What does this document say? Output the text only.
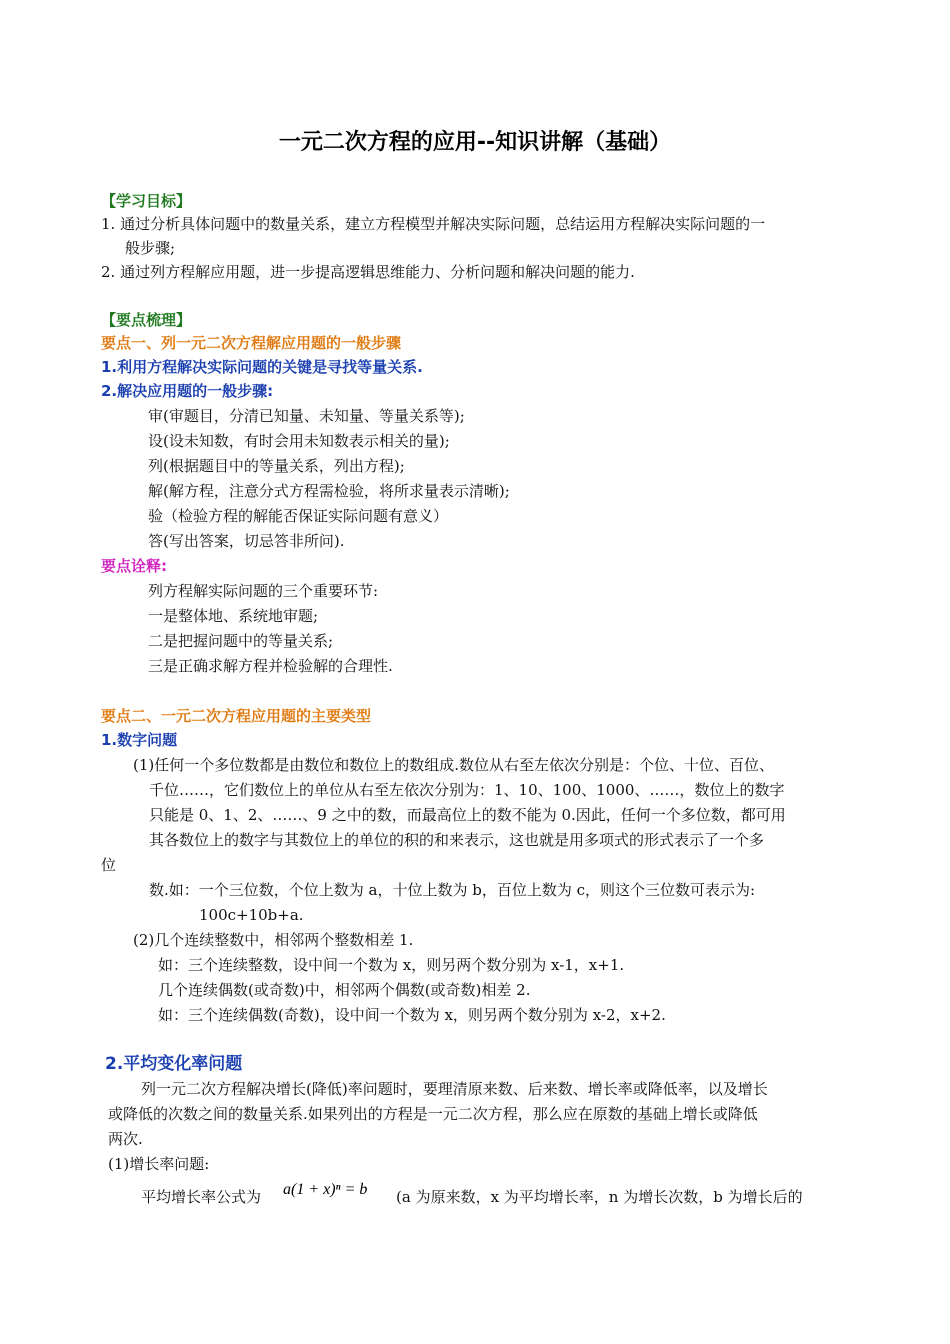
一元二次方程的应用--知识讲解（基础）
【学习目标】
1. 通过分析具体问题中的数量关系，建立方程模型并解决实际问题，总结运用方程解决实际问题的一
般步骤;
2. 通过列方程解应用题，进一步提高逻辑思维能力、分析问题和解决问题的能力.
【要点梳理】
要点一、列一元二次方程解应用题的一般步骤
1.利用方程解决实际问题的关键是寻找等量关系.
2.解决应用题的一般步骤:
审(审题目，分清已知量、未知量、等量关系等);
设(设未知数，有时会用未知数表示相关的量);
列(根据题目中的等量关系，列出方程);
解(解方程，注意分式方程需检验，将所求量表示清晰);
验（检验方程的解能否保证实际问题有意义）
答(写出答案，切忌答非所问).
要点诠释:
列方程解实际问题的三个重要环节:
一是整体地、系统地审题;
二是把握问题中的等量关系;
三是正确求解方程并检验解的合理性.
要点二、一元二次方程应用题的主要类型
1.数字问题
(1)任何一个多位数都是由数位和数位上的数组成.数位从右至左依次分别是：个位、十位、百位、
千位……，它们数位上的单位从右至左依次分别为：1、10、100、1000、……，数位上的数字
只能是 0、1、2、……、9 之中的数，而最高位上的数不能为 0.因此，任何一个多位数，都可用
其各数位上的数字与其数位上的单位的积的和来表示，这也就是用多项式的形式表示了一个多
位
数.如：一个三位数，个位上数为 a，十位上数为 b，百位上数为 c，则这个三位数可表示为:
100c+10b+a.
(2)几个连续整数中，相邻两个整数相差 1.
如：三个连续整数，设中间一个数为 x，则另两个数分别为 x-1，x+1.
几个连续偶数(或奇数)中，相邻两个偶数(或奇数)相差 2.
如：三个连续偶数(奇数)，设中间一个数为 x，则另两个数分别为 x-2，x+2.
2.平均变化率问题
列一元二次方程解决增长(降低)率问题时，要理清原来数、后来数、增长率或降低率，以及增长
或降低的次数之间的数量关系.如果列出的方程是一元二次方程，那么应在原数的基础上增长或降低
两次.
(1)增长率问题:
平均增长率公式为 a(1 + x)ⁿ = b (a 为原来数，x 为平均增长率，n 为增长次数，b 为增长后的
